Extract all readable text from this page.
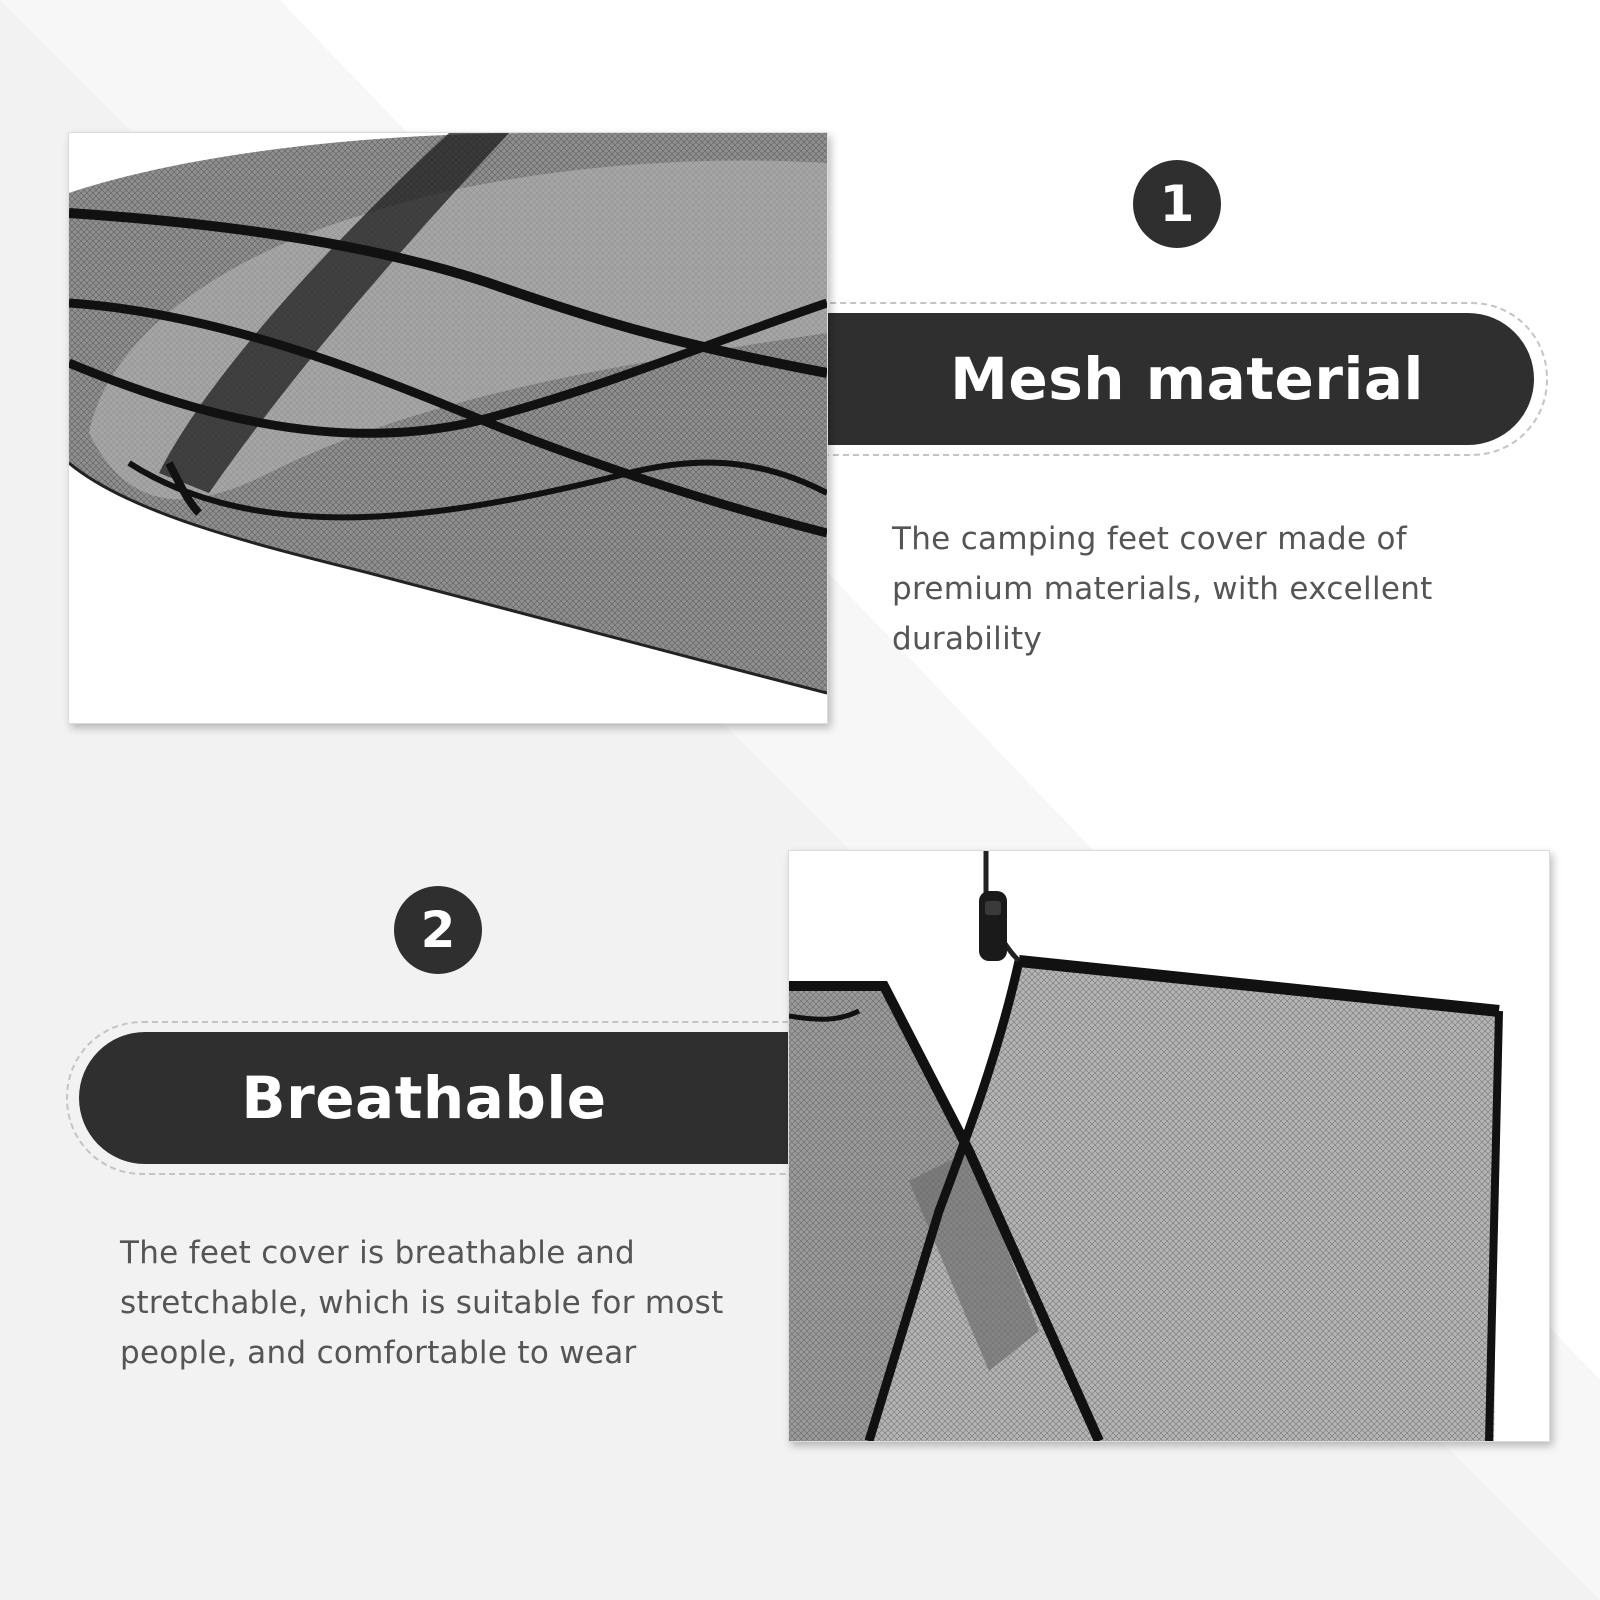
1
Mesh material
The camping feet cover made of premium materials, with excellent durability
2
Breathable
The feet cover is breathable and stretchable, which is suitable for most people, and comfortable to wear
